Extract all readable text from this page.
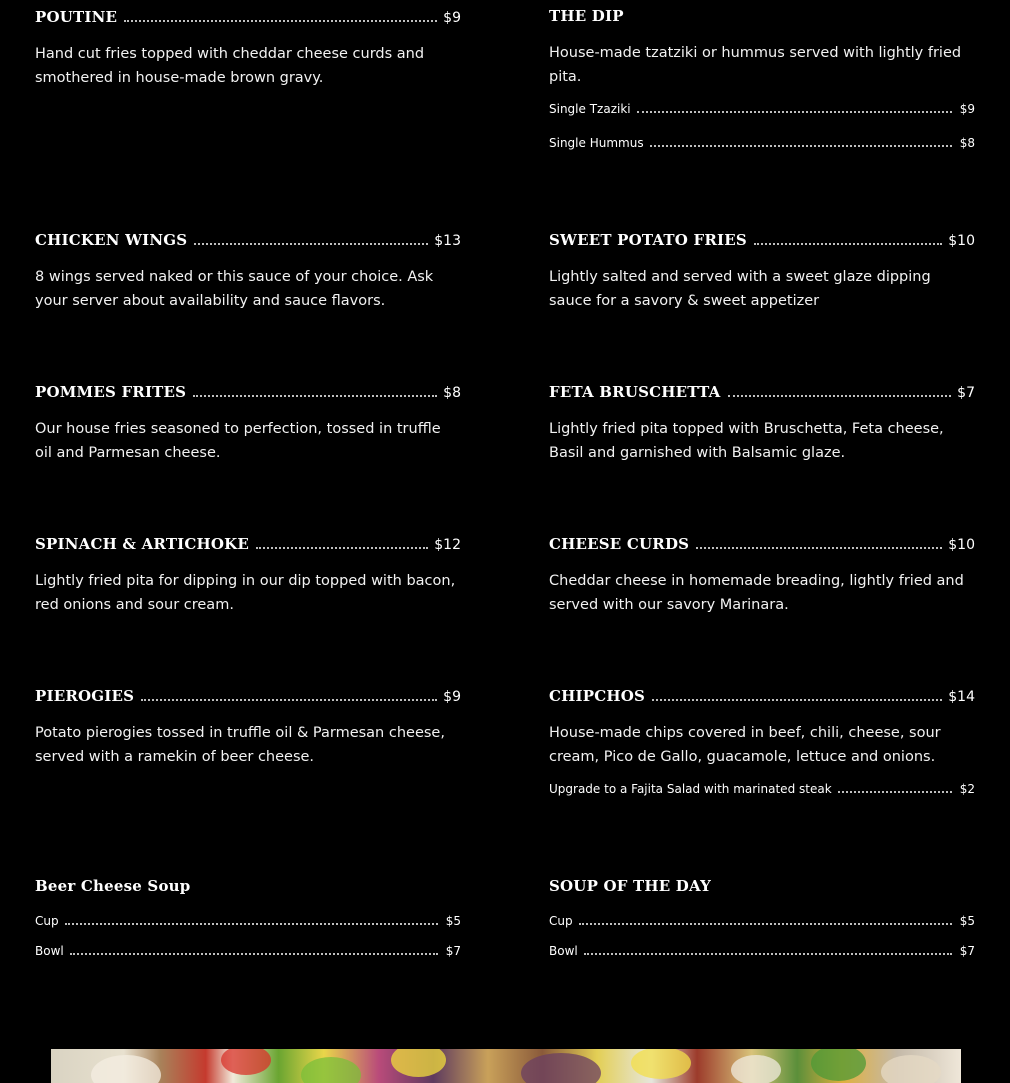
POUTINE	$9
Hand cut fries topped with cheddar cheese curds and smothered in house-made brown gravy.
CHICKEN WINGS	$13
8 wings served naked or this sauce of your choice. Ask your server about availability and sauce flavors.
POMMES FRITES	$8
Our house fries seasoned to perfection, tossed in truffle oil and Parmesan cheese.
SPINACH & ARTICHOKE	$12
Lightly fried pita for dipping in our dip topped with bacon, red onions and sour cream.
PIEROGIES	$9
Potato pierogies tossed in truffle oil & Parmesan cheese, served with a ramekin of beer cheese.
Beer Cheese Soup
Cup	$5
Bowl	$7
THE DIP
House-made tzatziki or hummus served with lightly fried pita.
Single Tzaziki	$9
Single Hummus	$8
SWEET POTATO FRIES	$10
Lightly salted and served with a sweet glaze dipping sauce for a savory & sweet appetizer
FETA BRUSCHETTA	$7
Lightly fried pita topped with Bruschetta, Feta cheese, Basil and garnished with Balsamic glaze.
CHEESE CURDS	$10
Cheddar cheese in homemade breading, lightly fried and served with our savory Marinara.
CHIPCHOS	$14
House-made chips covered in beef, chili, cheese, sour cream, Pico de Gallo, guacamole, lettuce and onions.
Upgrade to a Fajita Salad with marinated steak	$2
SOUP OF THE DAY
Cup	$5
Bowl	$7
